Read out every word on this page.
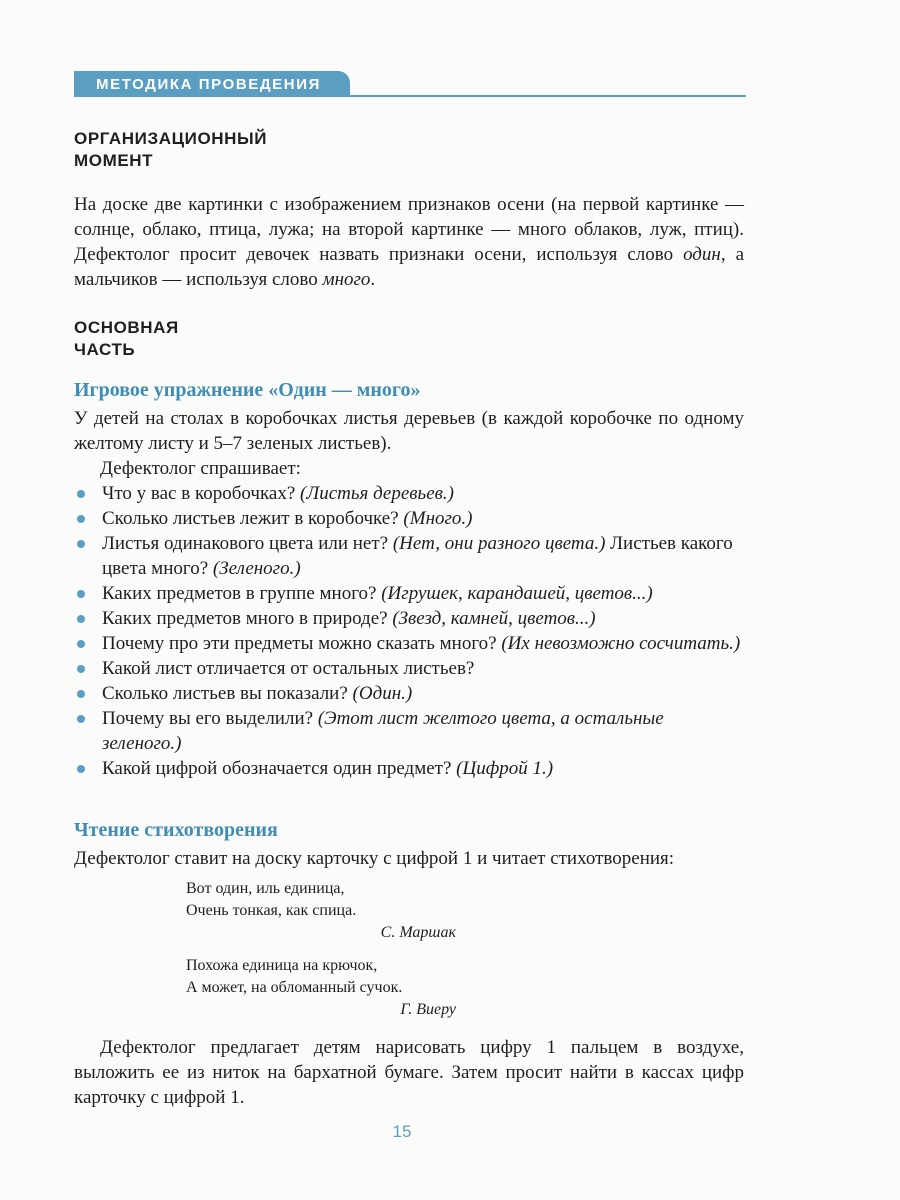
МЕТОДИКА ПРОВЕДЕНИЯ
ОРГАНИЗАЦИОННЫЙ
МОМЕНТ

На доске две картинки с изображением признаков осени (на первой картинке — солнце, облако, птица, лужа; на второй картинке — много облаков, луж, птиц). Дефектолог просит девочек назвать признаки осени, используя слово один, а мальчиков — используя слово много.

ОСНОВНАЯ
ЧАСТЬ
Игровое упражнение «Один — много»

У детей на столах в коробочках листья деревьев (в каждой коробочке по одному желтому листу и 5–7 зеленых листьев).

Дефектолог спрашивает:

Что у вас в коробочках? (Листья деревьев.)
Сколько листьев лежит в коробочке? (Много.)
Листья одинакового цвета или нет? (Нет, они разного цвета.) Листьев какого цвета много? (Зеленого.)
Каких предметов в группе много? (Игрушек, карандашей, цветов...)
Каких предметов много в природе? (Звезд, камней, цветов...)
Почему про эти предметы можно сказать много? (Их невозможно сосчитать.)
Какой лист отличается от остальных листьев?
Сколько листьев вы показали? (Один.)
Почему вы его выделили? (Этот лист желтого цвета, а остальные зеленого.)
Какой цифрой обозначается один предмет? (Цифрой 1.)
Чтение стихотворения

Дефектолог ставит на доску карточку с цифрой 1 и читает стихотворения:

Вот один, иль единица,
Очень тонкая, как спица.
С. Маршак
Похожа единица на крючок,
А может, на обломанный сучок.
Г. Виеру

Дефектолог предлагает детям нарисовать цифру 1 пальцем в воздухе, выложить ее из ниток на бархатной бумаге. Затем просит найти в кассах цифр карточку с цифрой 1.

15
